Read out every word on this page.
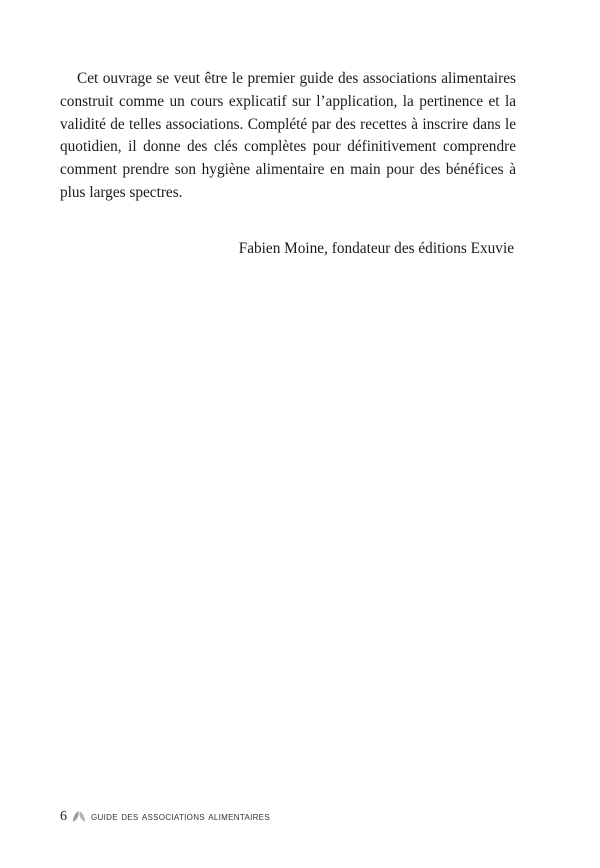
Cet ouvrage se veut être le premier guide des associations alimentaires construit comme un cours explicatif sur l’application, la pertinence et la validité de telles associations. Complété par des recettes à inscrire dans le quotidien, il donne des clés complètes pour définitivement comprendre comment prendre son hygiène alimentaire en main pour des bénéfices à plus larges spectres.

Fabien Moine, fondateur des éditions Exuvie

6 guide des associations alimentaires
